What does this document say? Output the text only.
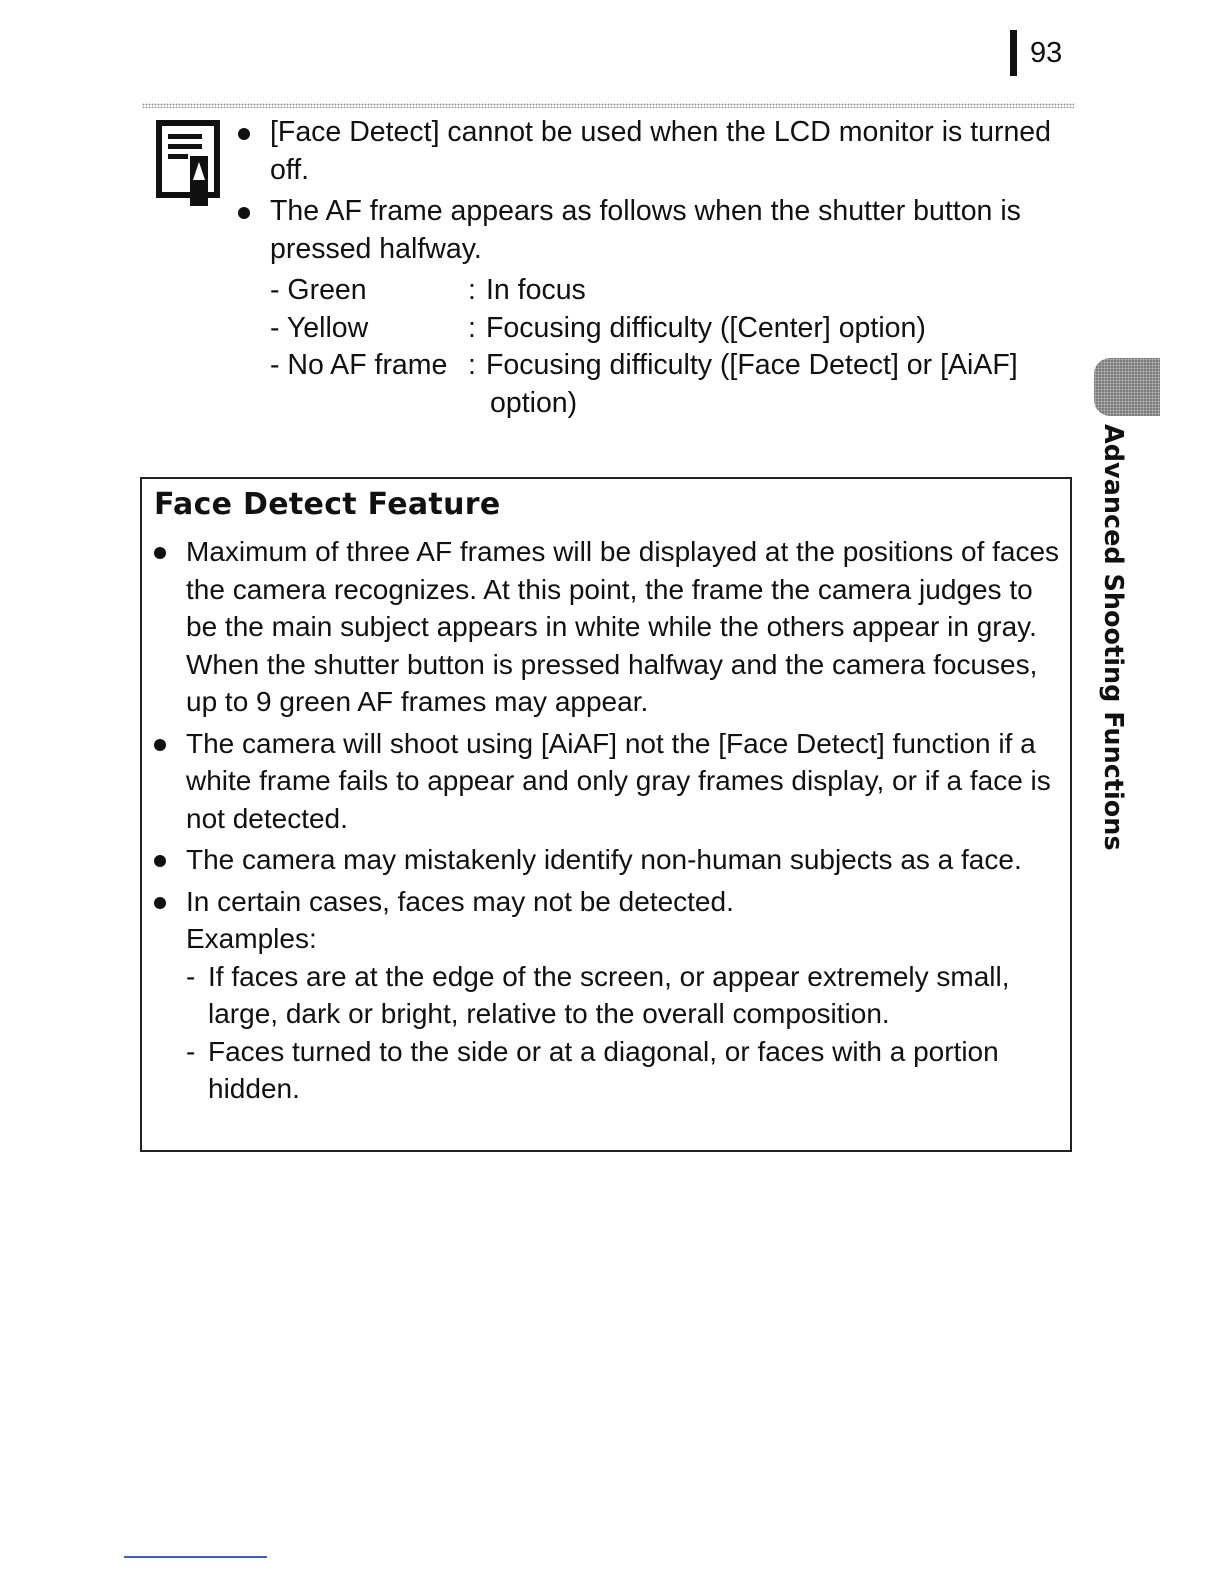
93
[Face Detect] cannot be used when the LCD monitor is turned off.
The AF frame appears as follows when the shutter button is pressed halfway.
- Green	: In focus
- Yellow	: Focusing difficulty ([Center] option)
- No AF frame : Focusing difficulty ([Face Detect] or [AiAF]
option)
Face Detect Feature
Maximum of three AF frames will be displayed at the positions of faces the camera recognizes. At this point, the frame the camera judges to be the main subject appears in white while the others appear in gray. When the shutter button is pressed halfway and the camera focuses, up to 9 green AF frames may appear.
The camera will shoot using [AiAF] not the [Face Detect] function if a white frame fails to appear and only gray frames display, or if a face is not detected.
The camera may mistakenly identify non-human subjects as a face.
In certain cases, faces may not be detected.
Examples:
- If faces are at the edge of the screen, or appear extremely small, large, dark or bright, relative to the overall composition.
- Faces turned to the side or at a diagonal, or faces with a portion hidden.
Advanced Shooting Functions
